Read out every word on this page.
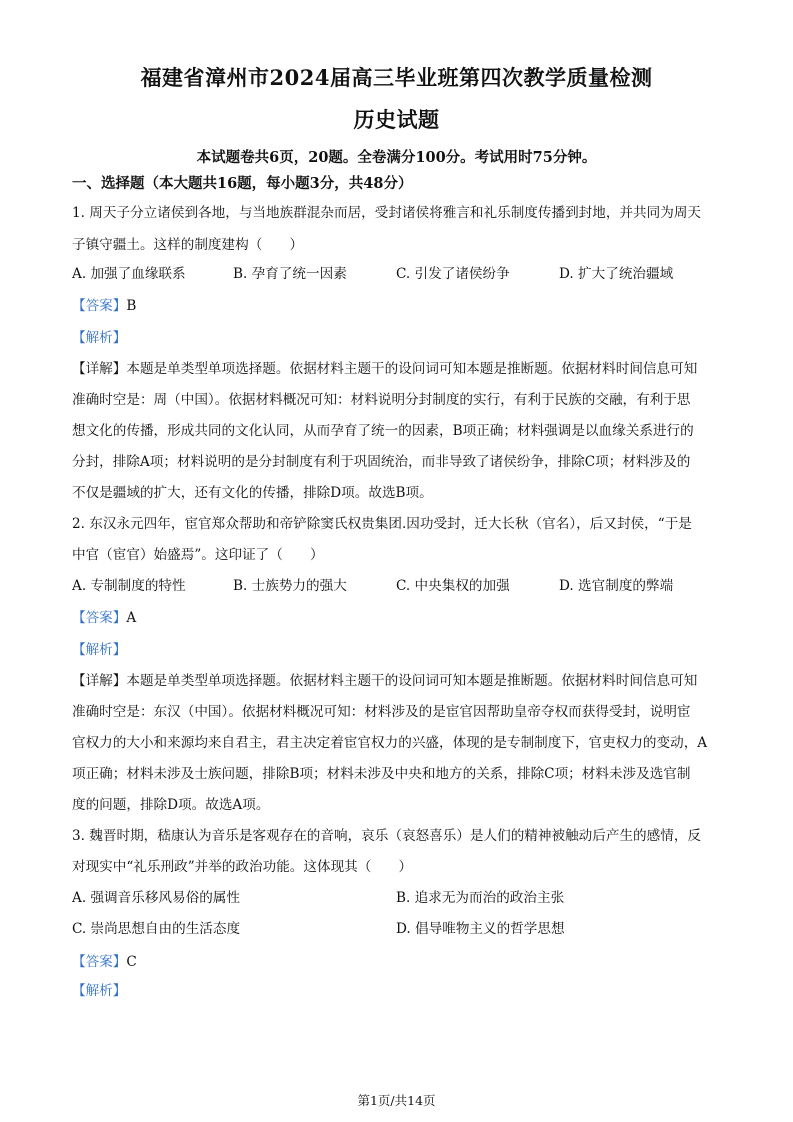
福建省漳州市2024届高三毕业班第四次教学质量检测
历史试题
本试题卷共6页，20题。全卷满分100分。考试用时75分钟。
一、选择题（本大题共16题，每小题3分，共48分）
1. 周天子分立诸侯到各地，与当地族群混杂而居，受封诸侯将雅言和礼乐制度传播到封地，并共同为周天
子镇守疆土。这样的制度建构（　　）
A. 加强了血缘联系	B. 孕育了统一因素	C. 引发了诸侯纷争	D. 扩大了统治疆域
【答案】B
【解析】
【详解】本题是单类型单项选择题。依据材料主题干的设问词可知本题是推断题。依据材料时间信息可知
准确时空是：周（中国）。依据材料概况可知：材料说明分封制度的实行，有利于民族的交融，有利于思
想文化的传播，形成共同的文化认同，从而孕育了统一的因素，B项正确；材料强调是以血缘关系进行的
分封，排除A项；材料说明的是分封制度有利于巩固统治，而非导致了诸侯纷争，排除C项；材料涉及的
不仅是疆域的扩大，还有文化的传播，排除D项。故选B项。
2. 东汉永元四年，宦官郑众帮助和帝铲除窦氏权贵集团.因功受封，迁大长秋（官名），后又封侯，“于是
中官（宦官）始盛焉”。这印证了（　　）
A. 专制制度的特性	B. 士族势力的强大	C. 中央集权的加强	D. 选官制度的弊端
【答案】A
【解析】
【详解】本题是单类型单项选择题。依据材料主题干的设问词可知本题是推断题。依据材料时间信息可知
准确时空是：东汉（中国）。依据材料概况可知：材料涉及的是宦官因帮助皇帝夺权而获得受封，说明宦
官权力的大小和来源均来自君主，君主决定着宦官权力的兴盛，体现的是专制制度下，官吏权力的变动，A
项正确；材料未涉及士族问题，排除B项；材料未涉及中央和地方的关系，排除C项；材料未涉及选官制
度的问题，排除D项。故选A项。
3. 魏晋时期，嵇康认为音乐是客观存在的音响，哀乐（哀怒喜乐）是人们的精神被触动后产生的感情，反
对现实中“礼乐刑政”并举的政治功能。这体现其（　　）
A. 强调音乐移风易俗的属性	B. 追求无为而治的政治主张
C. 崇尚思想自由的生活态度	D. 倡导唯物主义的哲学思想
【答案】C
【解析】
第1页/共14页
